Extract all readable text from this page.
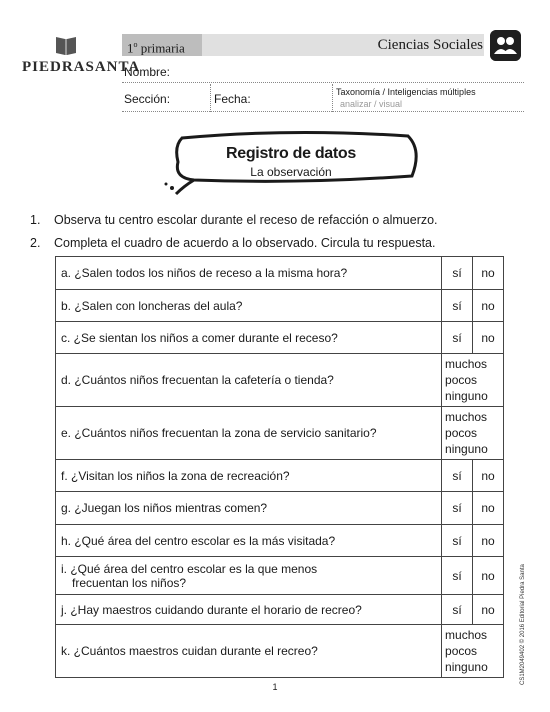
PIEDRASANTA
1$^o$ primaria	Ciencias Sociales
Nombre:
Sección:	Fecha:	Taxonomía / Inteligencias múltiples
analizar / visual
Registro de datos
La observación
1. Observa tu centro escolar durante el receso de refacción o almuerzo.
2. Completa el cuadro de acuerdo a lo observado. Circula tu respuesta.
a. ¿Salen todos los niños de receso a la misma hora?	sí	no
b. ¿Salen con loncheras del aula?	sí	no
c. ¿Se sientan los niños a comer durante el receso?	sí	no
d. ¿Cuántos niños frecuentan la cafetería o tienda?	muchos
pocos
ninguno	

e. ¿Cuántos niños frecuentan la zona de servicio sanitario?	muchos
pocos
ninguno	

f. ¿Visitan los niños la zona de recreación?	sí	no
g. ¿Juegan los niños mientras comen?	sí	no
h. ¿Qué área del centro escolar es la más visitada?	sí	no

i. ¿Qué área del centro escolar es la que menos
frecuentan los niños?	sí	no
j. ¿Hay maestros cuidando durante el horario de recreo?	sí	no
k. ¿Cuántos maestros cuidan durante el recreo?	muchos
pocos
ninguno	
1
CS1M2049402 © 2016 Editorial Piedra Santa
